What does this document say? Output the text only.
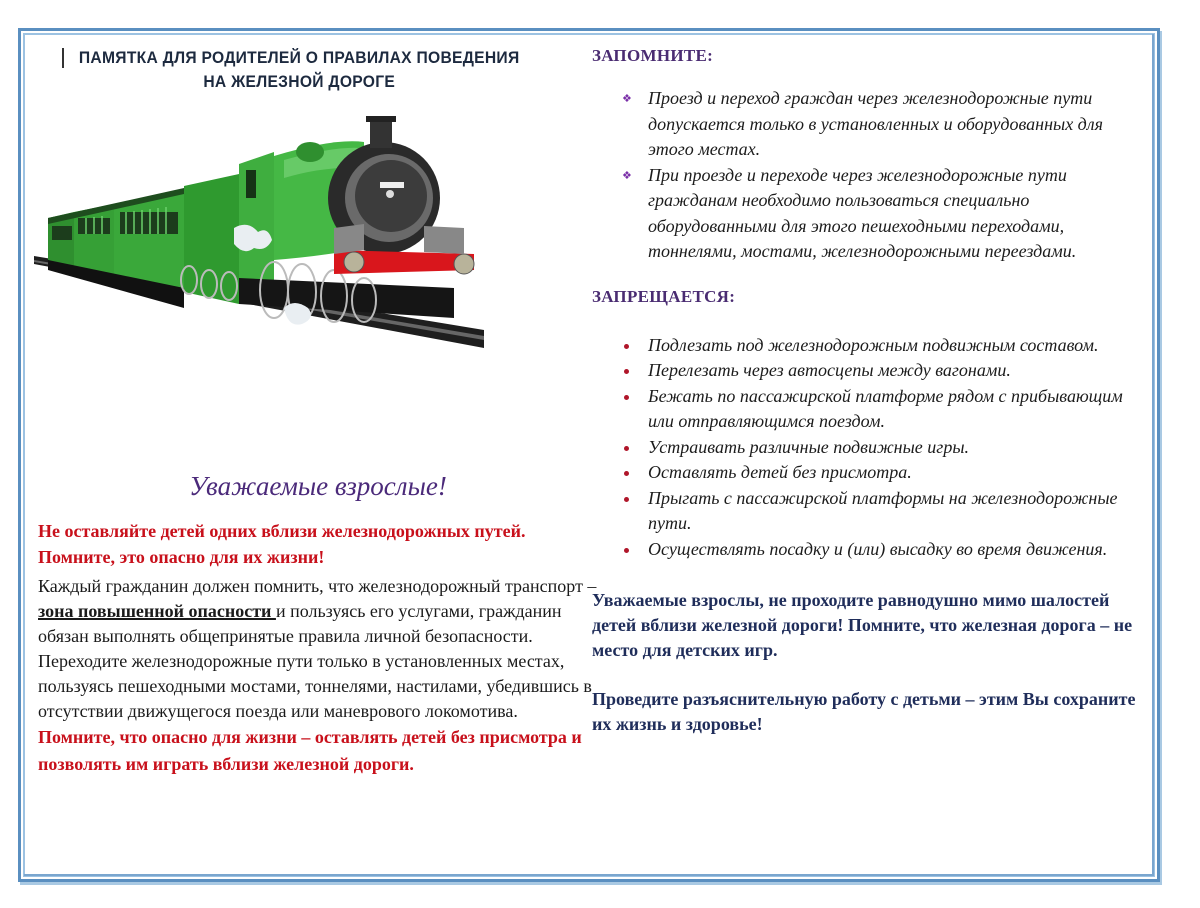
ПАМЯТКА ДЛЯ РОДИТЕЛЕЙ О ПРАВИЛАХ ПОВЕДЕНИЯ
НА ЖЕЛЕЗНОЙ ДОРОГЕ
Уважаемые взрослые!

Не оставляйте детей одних вблизи железнодорожных путей. Помните, это опасно для их жизни!

Каждый гражданин должен помнить, что железнодорожный транспорт – зона повышенной опасности и пользуясь его услугами, гражданин обязан выполнять общепринятые правила личной безопасности. Переходите железнодорожные пути только в установленных местах, пользуясь пешеходными мостами, тоннелями, настилами, убедившись в отсутствии движущегося поезда или маневрового локомотива.

Помните, что опасно для жизни – оставлять детей без присмотра и позволять им играть вблизи железной дороги.

ЗАПОМНИТЕ:
❖ Проезд и переход граждан через железнодорожные пути допускается только в установленных и оборудованных для этого местах.
❖ При проезде и переходе через железнодорожные пути гражданам необходимо пользоваться специально оборудованными для этого пешеходными переходами, тоннелями, мостами, железнодорожными переездами.
ЗАПРЕЩАЕТСЯ:
Подлезать под железнодорожным подвижным составом.
Перелезать через автосцепы между вагонами.
Бежать по пассажирской платформе рядом с прибывающим или отправляющимся поездом.
Устраивать различные подвижные игры.
Оставлять детей без присмотра.
Прыгать с пассажирской платформы на железнодорожные пути.
Осуществлять посадку и (или) высадку во время движения.

Уважаемые взрослы, не проходите равнодушно мимо шалостей детей вблизи железной дороги! Помните, что железная дорога – не место для детских игр.

Проведите разъяснительную работу с детьми – этим Вы сохраните их жизнь и здоровье!
